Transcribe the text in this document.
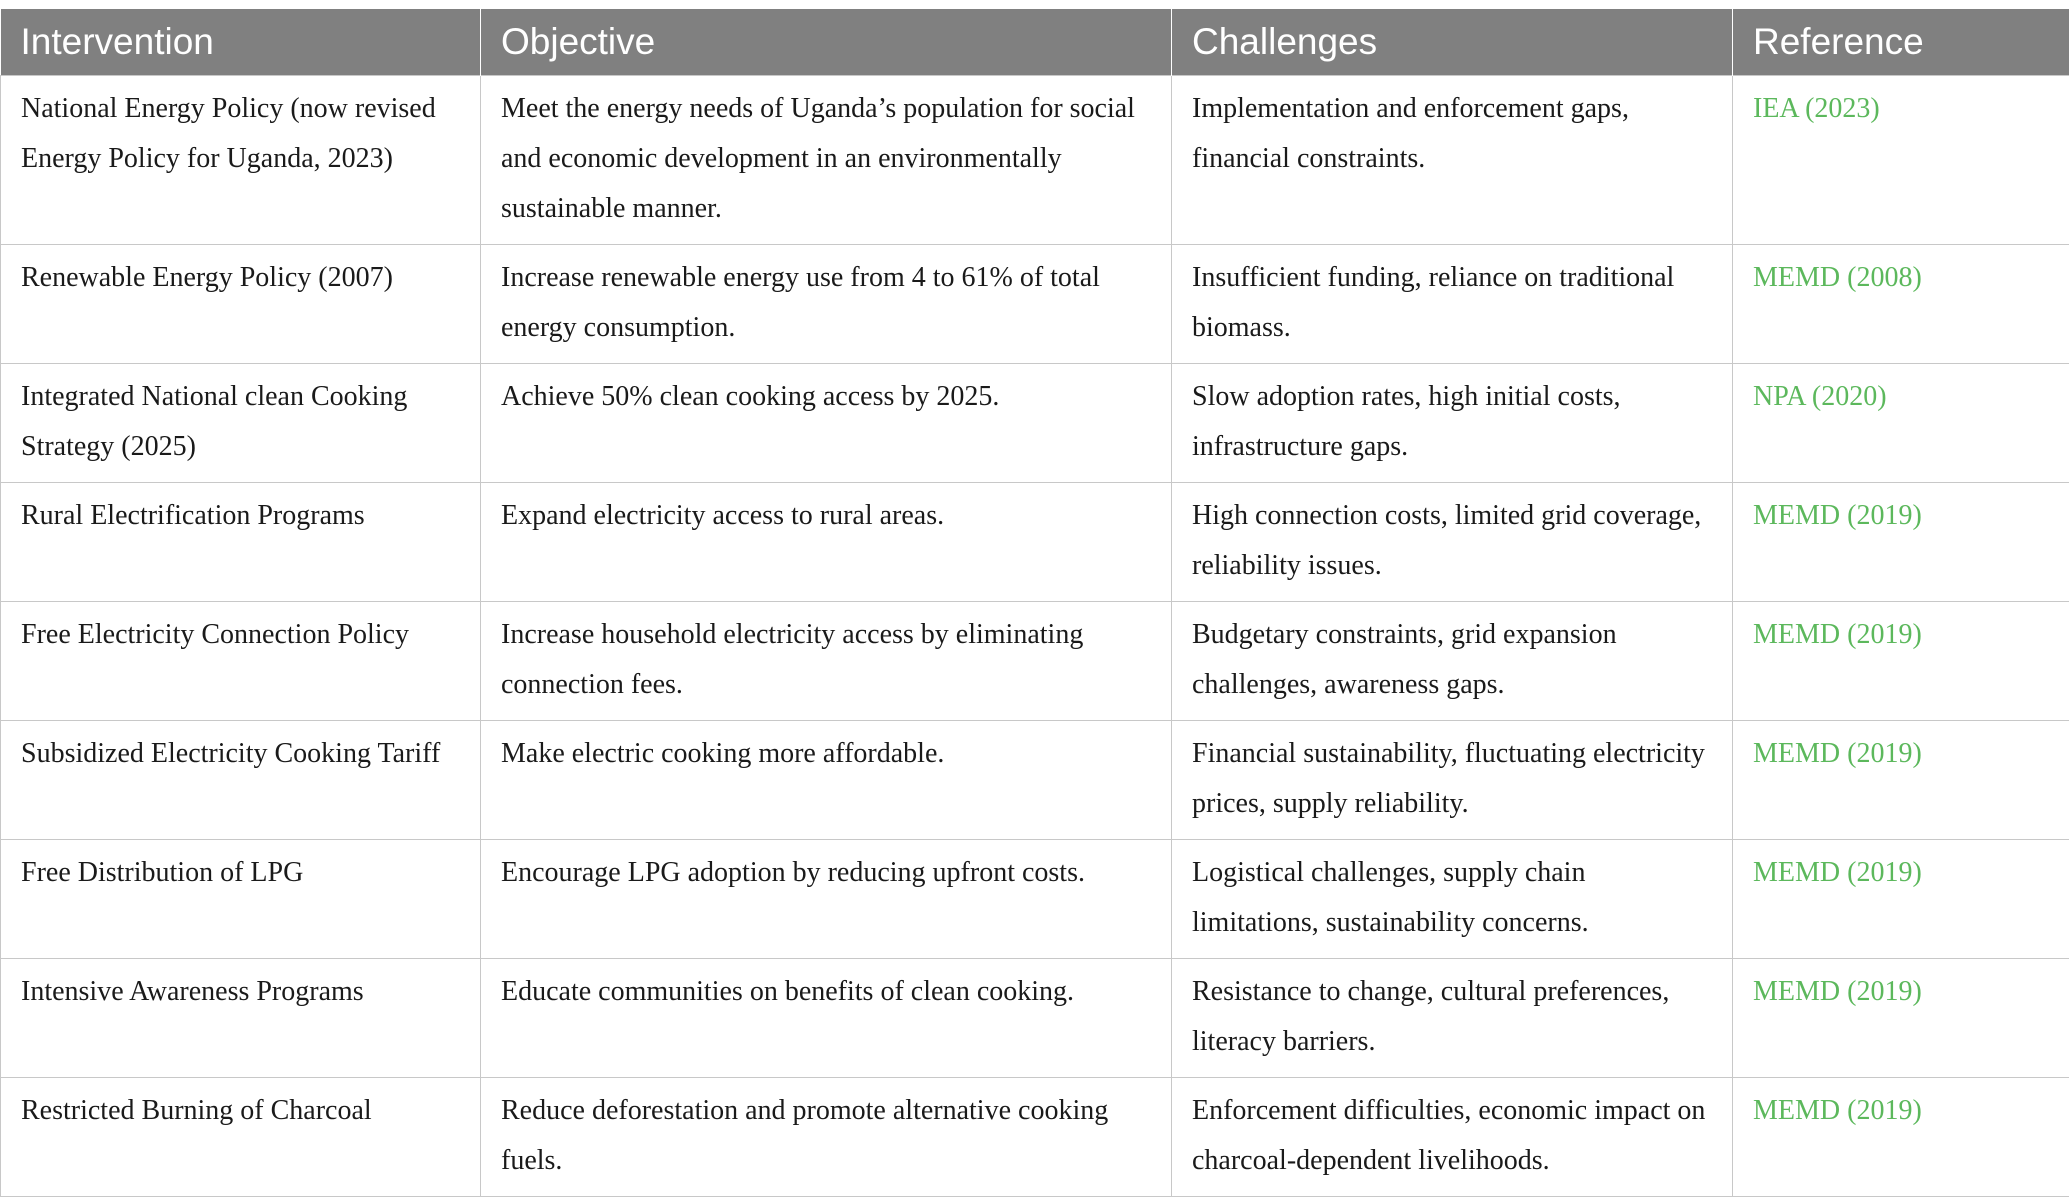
Intervention	Objective	Challenges	Reference
National Energy Policy (now revised Energy Policy for Uganda, 2023)	Meet the energy needs of Uganda’s population for social and economic development in an environmentally sustainable manner.	Implementation and enforcement gaps, financial constraints.	IEA (2023)
Renewable Energy Policy (2007)	Increase renewable energy use from 4 to 61% of total energy consumption.	Insufficient funding, reliance on traditional biomass.	MEMD (2008)
Integrated National clean Cooking Strategy (2025)	Achieve 50% clean cooking access by 2025.	Slow adoption rates, high initial costs, infrastructure gaps.	NPA (2020)
Rural Electrification Programs	Expand electricity access to rural areas.	High connection costs, limited grid coverage, reliability issues.	MEMD (2019)
Free Electricity Connection Policy	Increase household electricity access by eliminating connection fees.	Budgetary constraints, grid expansion challenges, awareness gaps.	MEMD (2019)
Subsidized Electricity Cooking Tariff	Make electric cooking more affordable.	Financial sustainability, fluctuating electricity prices, supply reliability.	MEMD (2019)
Free Distribution of LPG	Encourage LPG adoption by reducing upfront costs.	Logistical challenges, supply chain limitations, sustainability concerns.	MEMD (2019)
Intensive Awareness Programs	Educate communities on benefits of clean cooking.	Resistance to change, cultural preferences, literacy barriers.	MEMD (2019)
Restricted Burning of Charcoal	Reduce deforestation and promote alternative cooking fuels.	Enforcement difficulties, economic impact on charcoal-dependent livelihoods.	MEMD (2019)
